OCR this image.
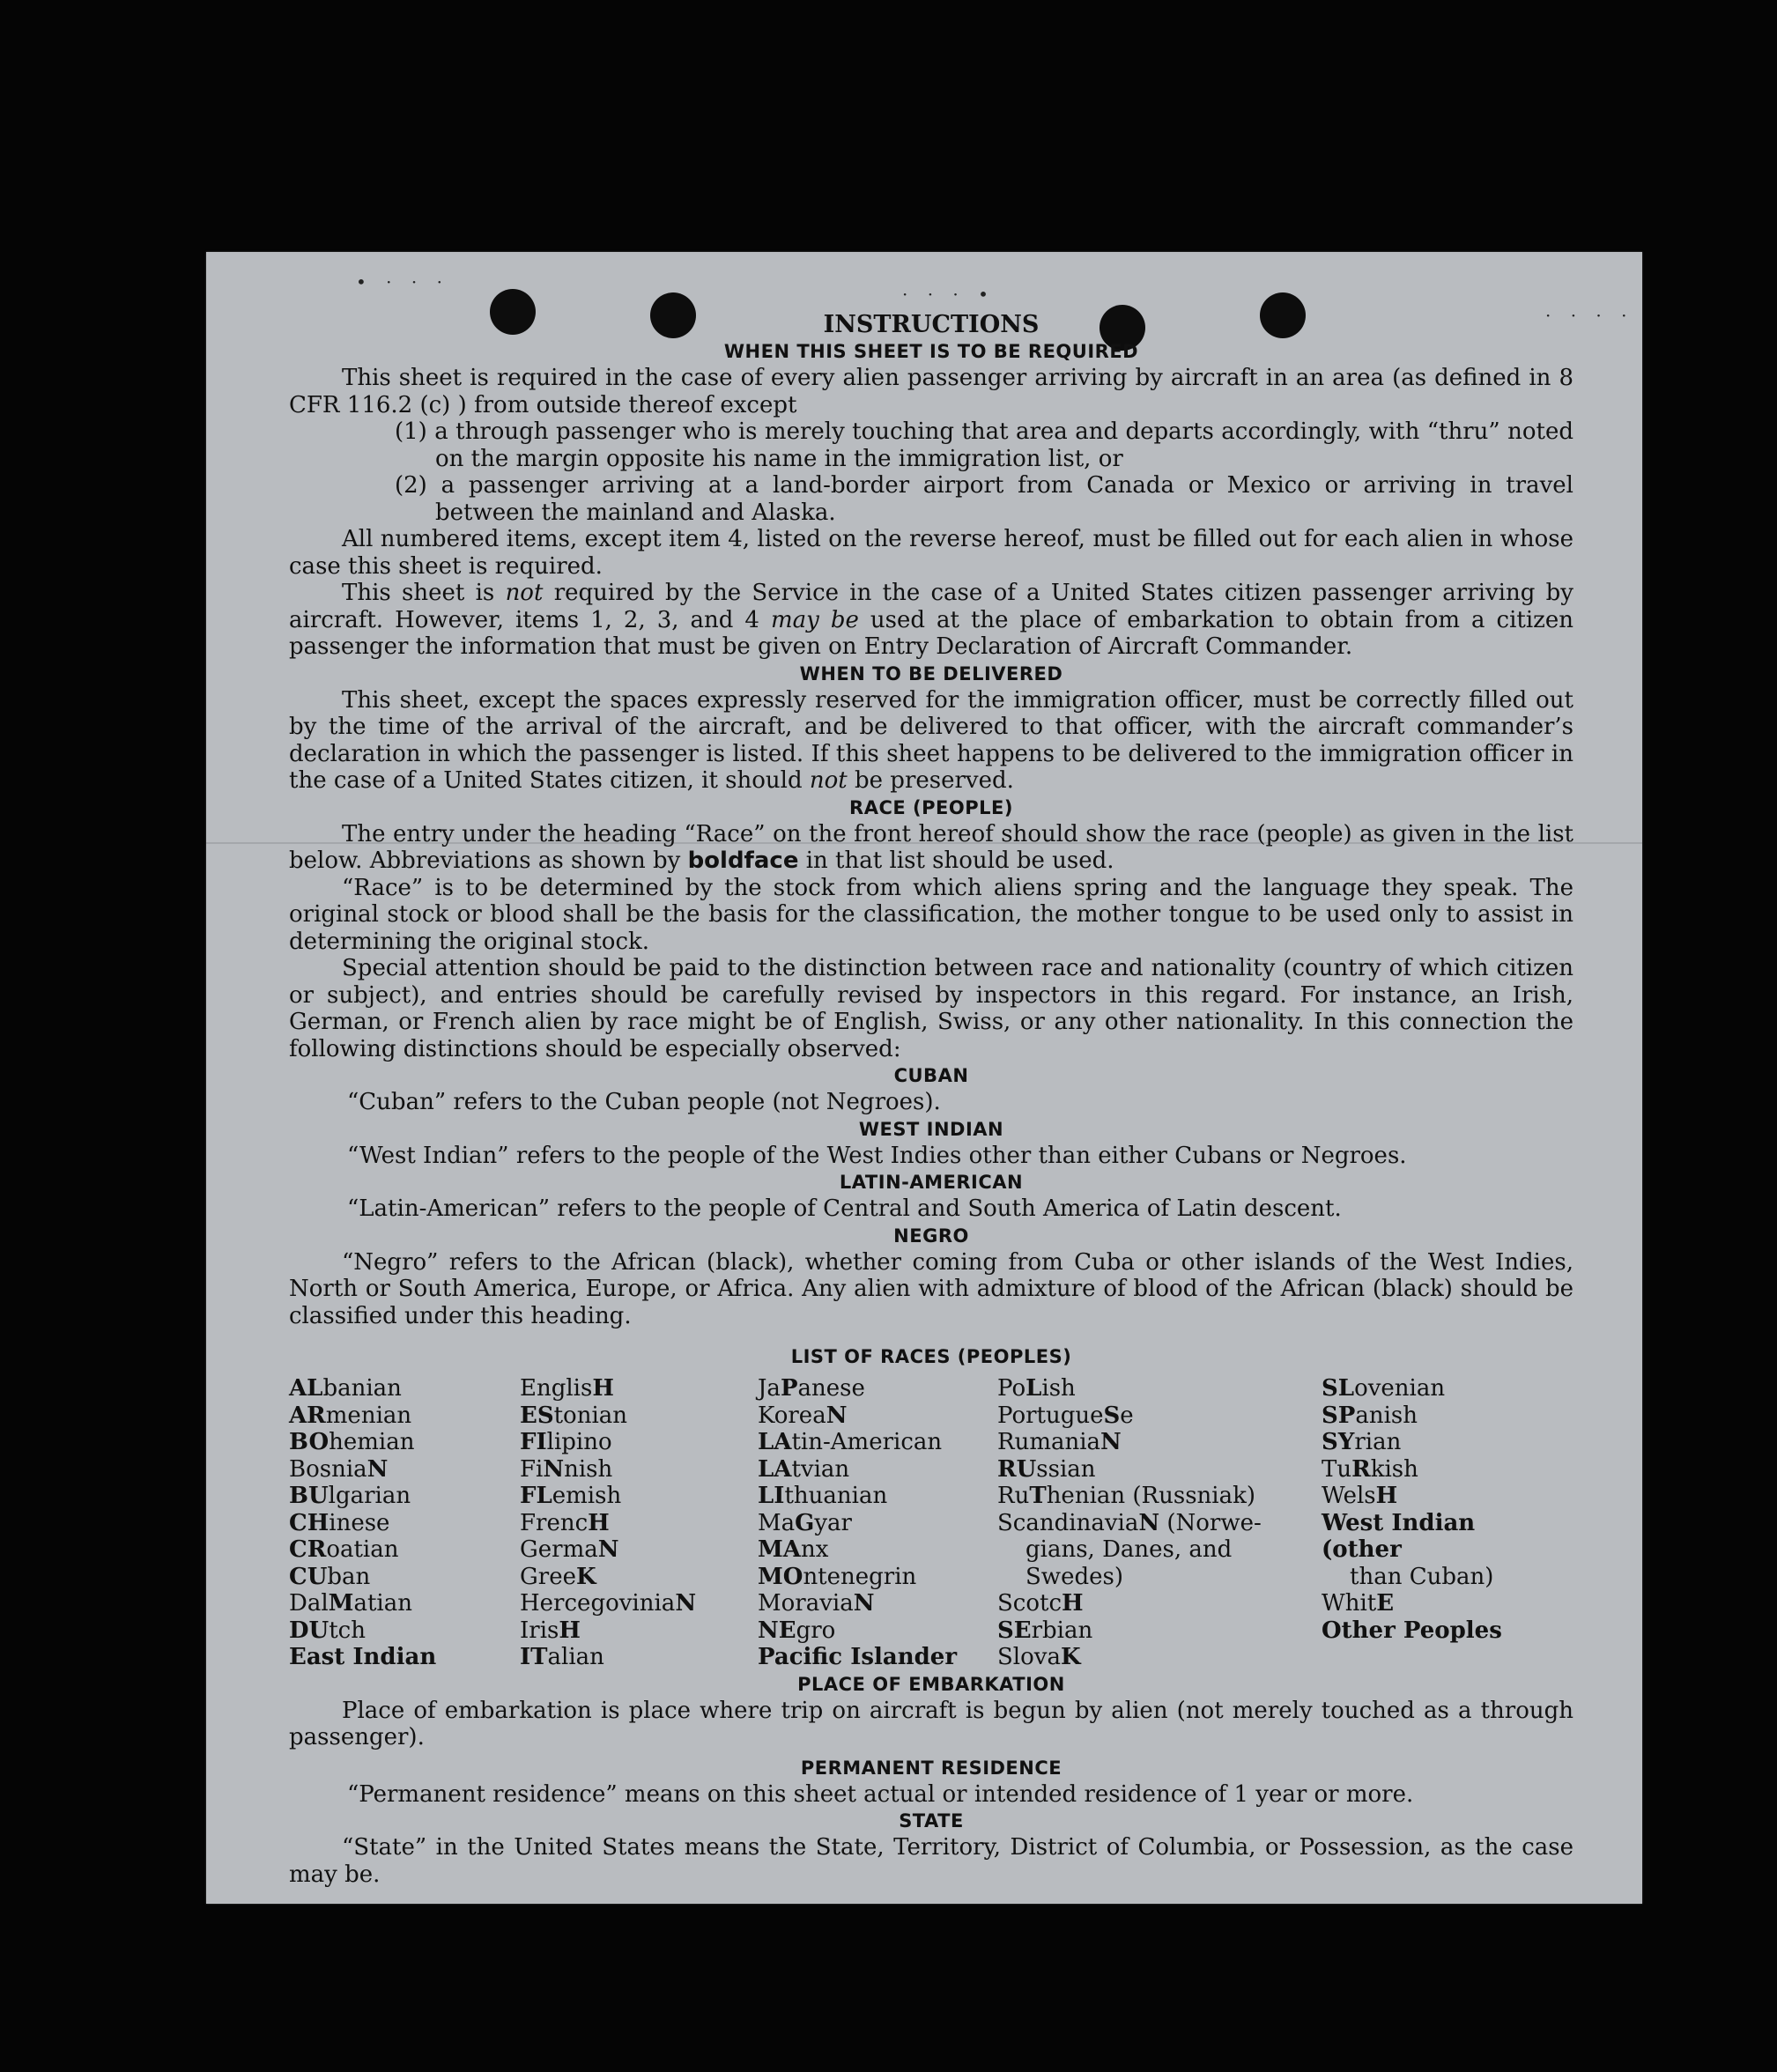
• · · ·
· · · •
· · · ·
INSTRUCTIONS
WHEN THIS SHEET IS TO BE REQUIRED

This sheet is required in the case of every alien passenger arriving by aircraft in an area (as defined in 8 CFR 116.2 (c) ) from outside thereof except

(1) a through passenger who is merely touching that area and departs accordingly, with “thru” noted on the margin opposite his name in the immigration list, or

(2) a passenger arriving at a land-border airport from Canada or Mexico or arriving in travel between the mainland and Alaska.

All numbered items, except item 4, listed on the reverse hereof, must be filled out for each alien in whose case this sheet is required.

This sheet is not required by the Service in the case of a United States citizen passenger arriving by aircraft. However, items 1, 2, 3, and 4 may be used at the place of embarkation to obtain from a citizen passenger the information that must be given on Entry Declaration of Aircraft Commander.

WHEN TO BE DELIVERED

This sheet, except the spaces expressly reserved for the immigration officer, must be correctly filled out by the time of the arrival of the aircraft, and be delivered to that officer, with the aircraft commander’s declaration in which the passenger is listed. If this sheet happens to be delivered to the immigration officer in the case of a United States citizen, it should not be preserved.

RACE (PEOPLE)

The entry under the heading “Race” on the front hereof should show the race (people) as given in the list below. Abbreviations as shown by boldface in that list should be used.

“Race” is to be determined by the stock from which aliens spring and the language they speak. The original stock or blood shall be the basis for the classification, the mother tongue to be used only to assist in determining the original stock.

Special attention should be paid to the distinction between race and nationality (country of which citizen or subject), and entries should be carefully revised by inspectors in this regard. For instance, an Irish, German, or French alien by race might be of English, Swiss, or any other nationality. In this connection the following distinctions should be especially observed:

CUBAN

“Cuban” refers to the Cuban people (not Negroes).

WEST INDIAN

“West Indian” refers to the people of the West Indies other than either Cubans or Negroes.

LATIN-AMERICAN

“Latin-American” refers to the people of Central and South America of Latin descent.

NEGRO

“Negro” refers to the African (black), whether coming from Cuba or other islands of the West Indies, North or South America, Europe, or Africa. Any alien with admixture of blood of the African (black) should be classified under this heading.

LIST OF RACES (PEOPLES)
ALbanian
ARmenian
BOhemian
BosniaN
BUlgarian
CHinese
CRoatian
CUban
DalMatian
DUtch
East Indian
EnglisH
EStonian
FIlipino
FiNnish
FLemish
FrencH
GermaN
GreeK
HercegoviniaN
IrisH
ITalian
JaPanese
KoreaN
LAtin-American
LAtvian
LIthuanian
MaGyar
MAnx
MOntenegrin
MoraviaN
NEgro
Pacific Islander
PoLish
PortugueSe
RumaniaN
RUssian
RuThenian (Russniak)
ScandinaviaN (Norwe-
gians, Danes, and
Swedes)
ScotcH
SErbian
SlovaK
SLovenian
SPanish
SYrian
TuRkish
WelsH
West Indian (other
than Cuban)
WhitE
Other Peoples
PLACE OF EMBARKATION

Place of embarkation is place where trip on aircraft is begun by alien (not merely touched as a through passenger).

PERMANENT RESIDENCE

“Permanent residence” means on this sheet actual or intended residence of 1 year or more.

STATE

“State” in the United States means the State, Territory, District of Columbia, or Possession, as the case may be.
